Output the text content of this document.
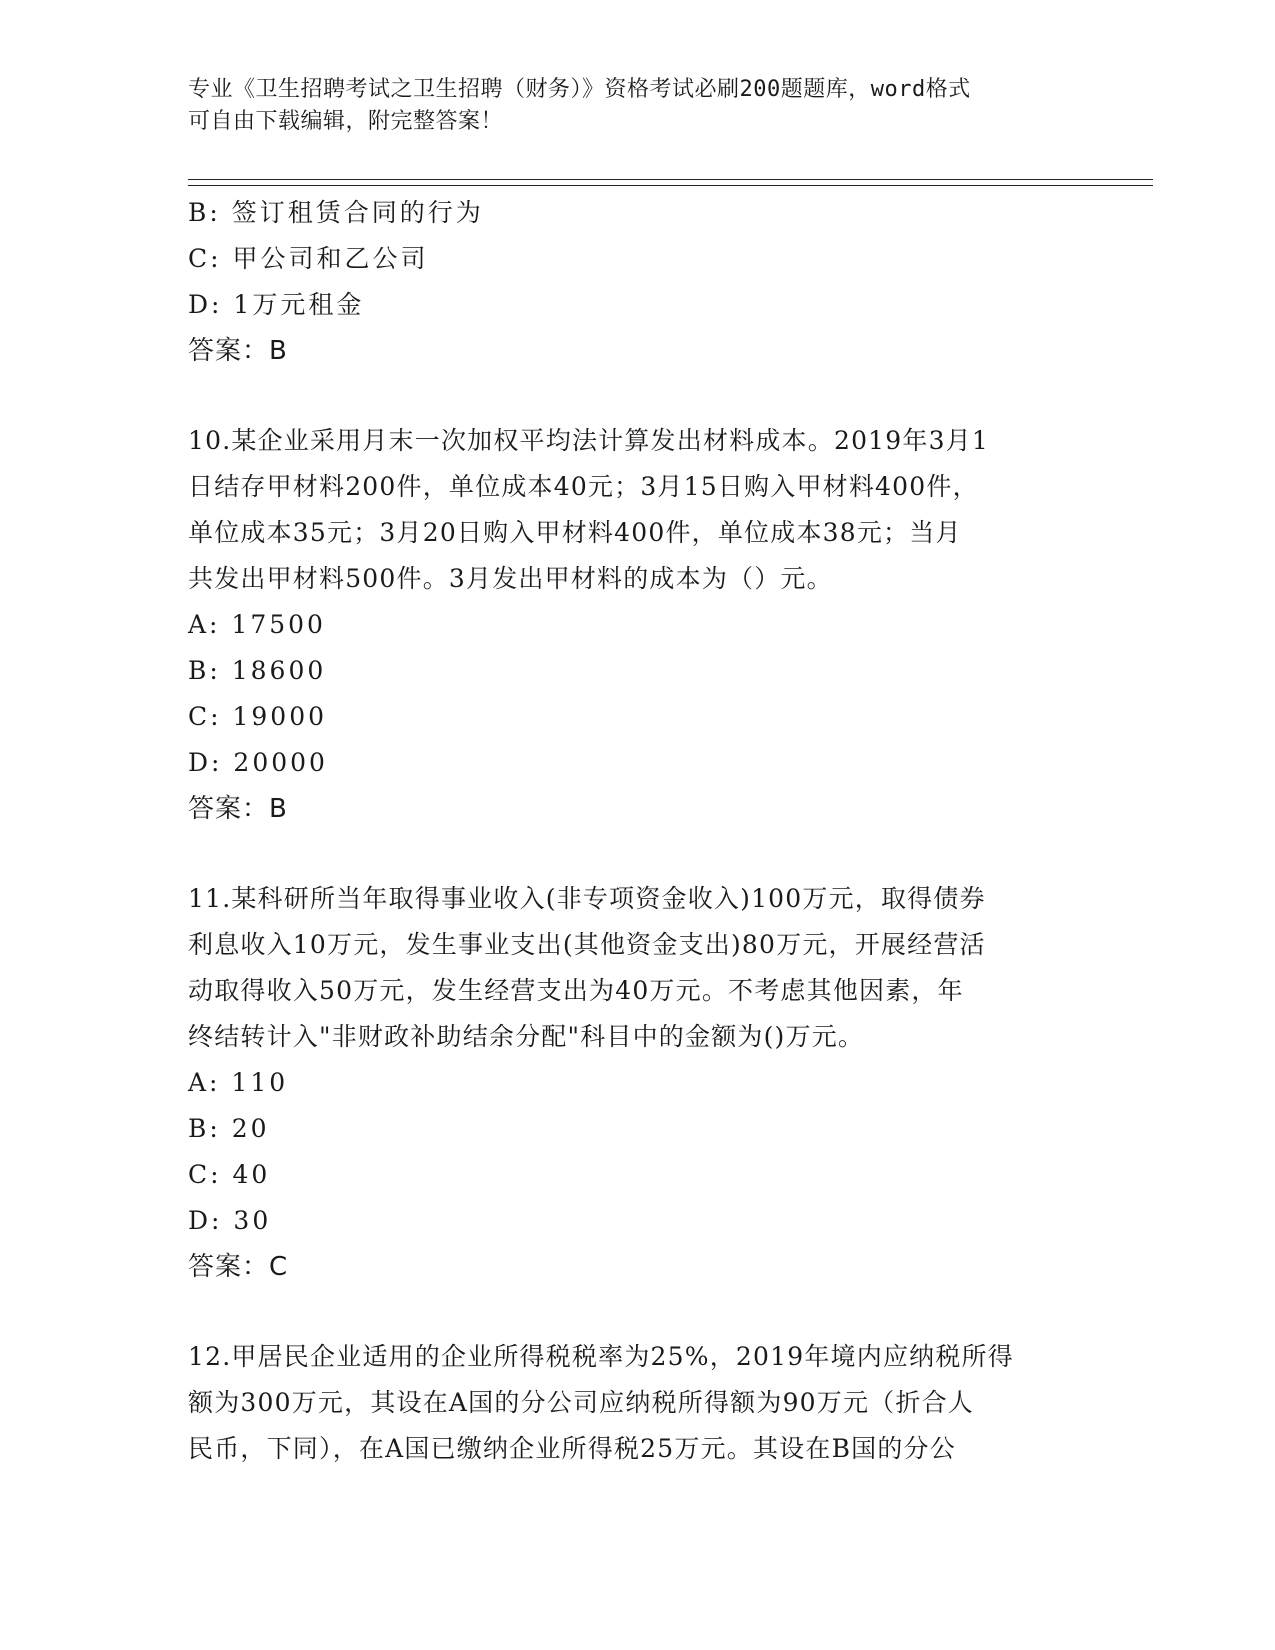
专业《卫生招聘考试之卫生招聘（财务）》资格考试必刷200题题库，word格式
可自由下载编辑，附完整答案！
B: 签订租赁合同的行为
C: 甲公司和乙公司
D: 1万元租金
答案：B
10.某企业采用月末一次加权平均法计算发出材料成本。2019年3月1
日结存甲材料200件，单位成本40元；3月15日购入甲材料400件，
单位成本35元；3月20日购入甲材料400件，单位成本38元；当月
共发出甲材料500件。3月发出甲材料的成本为（）元。
A: 17500
B: 18600
C: 19000
D: 20000
答案：B
11.某科研所当年取得事业收入(非专项资金收入)100万元，取得债券
利息收入10万元，发生事业支出(其他资金支出)80万元，开展经营活
动取得收入50万元，发生经营支出为40万元。不考虑其他因素，年
终结转计入"非财政补助结余分配"科目中的金额为()万元。
A: 110
B: 20
C: 40
D: 30
答案：C
12.甲居民企业适用的企业所得税税率为25%，2019年境内应纳税所得
额为300万元，其设在A国的分公司应纳税所得额为90万元（折合人
民币，下同），在A国已缴纳企业所得税25万元。其设在B国的分公
